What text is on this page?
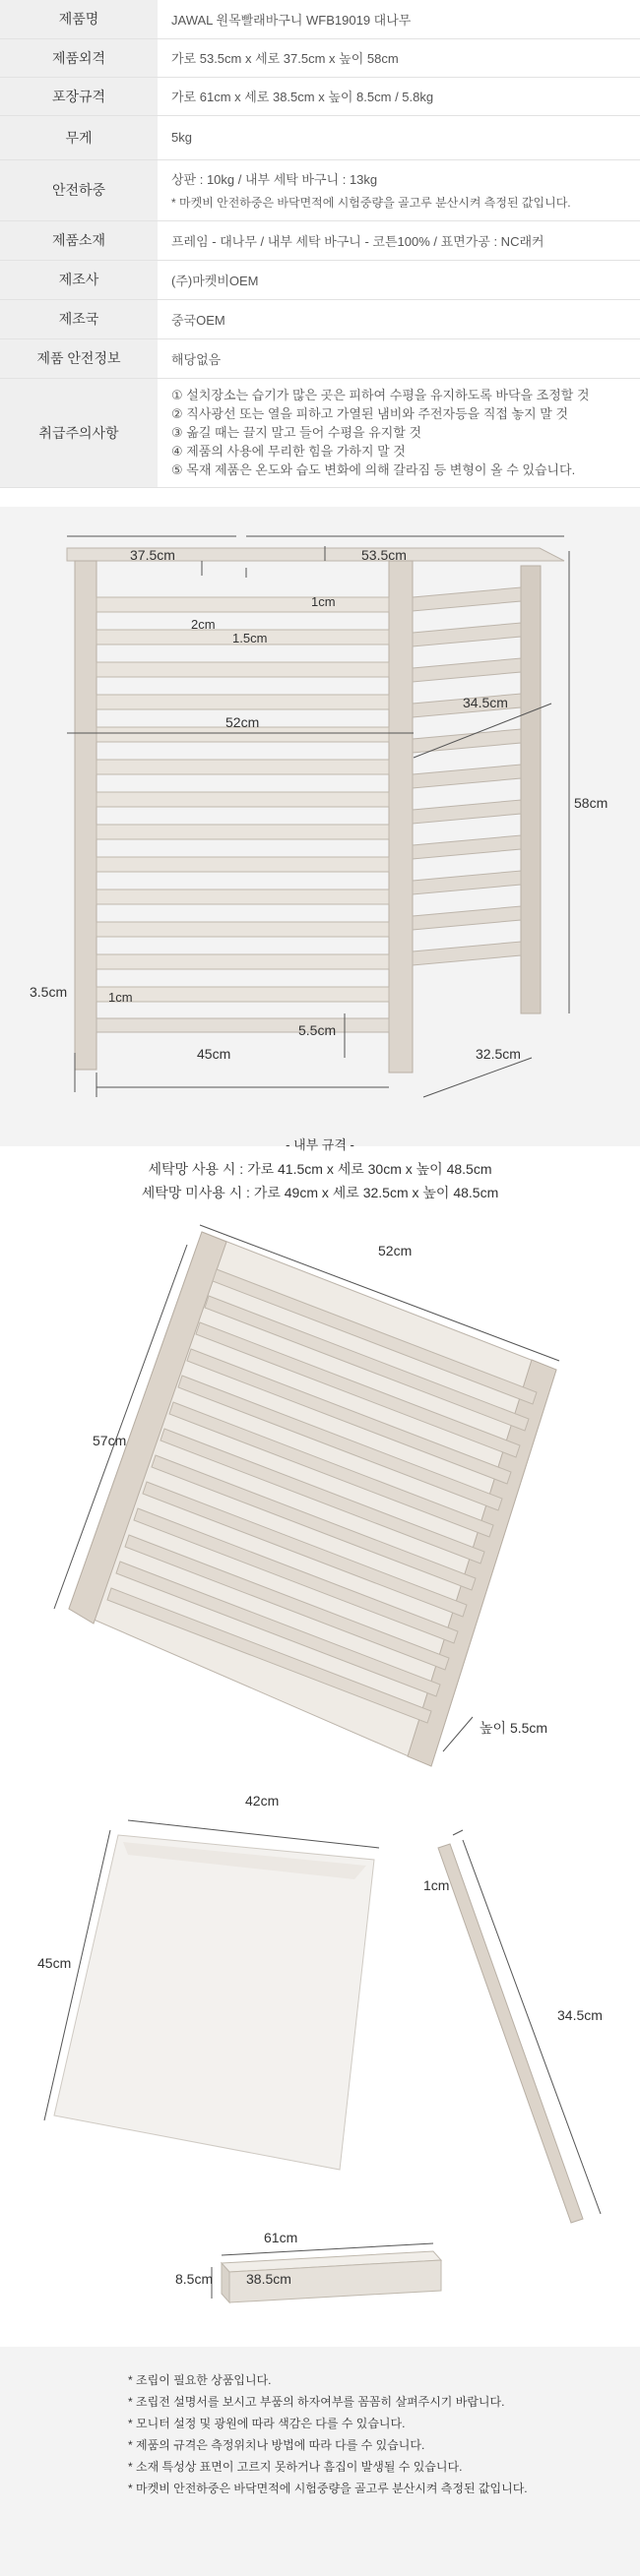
제품명	JAWAL 원목빨래바구니 WFB19019 대나무
제품외격	가로 53.5cm x 세로 37.5cm x 높이 58cm
포장규격	가로 61cm x 세로 38.5cm x 높이 8.5cm / 5.8kg
무게	5kg
안전하중	상판 : 10kg / 내부 세탁 바구니 : 13kg
* 마켓비 안전하중은 바닥면적에 시험중량을 골고루 분산시켜 측정된 값입니다.

제품소재	프레임 - 대나무 / 내부 세탁 바구니 - 코튼100% / 표면가공 : NC래커
제조사	(주)마켓비OEM
제조국	중국OEM
제품 안전정보	해당없음
취급주의사항	① 설치장소는 습기가 많은 곳은 피하여 수평을 유지하도록 바닥을 조정할 것
② 직사광선 또는 열을 피하고 가열된 냄비와 주전자등을 직접 놓지 말 것
③ 옮길 때는 끌지 말고 들어 수평을 유지할 것
④ 제품의 사용에 무리한 힘을 가하지 말 것
⑤ 목재 제품은 온도와 습도 변화에 의해 갈라짐 등 변형이 올 수 있습니다.
37.5cm	53.5cm
1cm
2cm
1.5cm
52cm
34.5cm
58cm
3.5cm	1cm
45cm
5.5cm
32.5cm
- 내부 규격 -
세탁망 사용 시 : 가로 41.5cm x 세로 30cm x 높이 48.5cm
세탁망 미사용 시 : 가로 49cm x 세로 32.5cm x 높이 48.5cm
52cm
57cm
높이 5.5cm
42cm
45cm
1cm
34.5cm
61cm
8.5cm 38.5cm
* 조립이 필요한 상품입니다.
* 조립전 설명서를 보시고 부품의 하자여부를 꼼꼼히 살펴주시기 바랍니다.
* 모니터 설정 및 광원에 따라 색감은 다를 수 있습니다.
* 제품의 규격은 측정위치나 방법에 따라 다를 수 있습니다.
* 소재 특성상 표면이 고르지 못하거나 흠집이 발생될 수 있습니다.
* 마켓비 안전하중은 바닥면적에 시험중량을 골고루 분산시켜 측정된 값입니다.
